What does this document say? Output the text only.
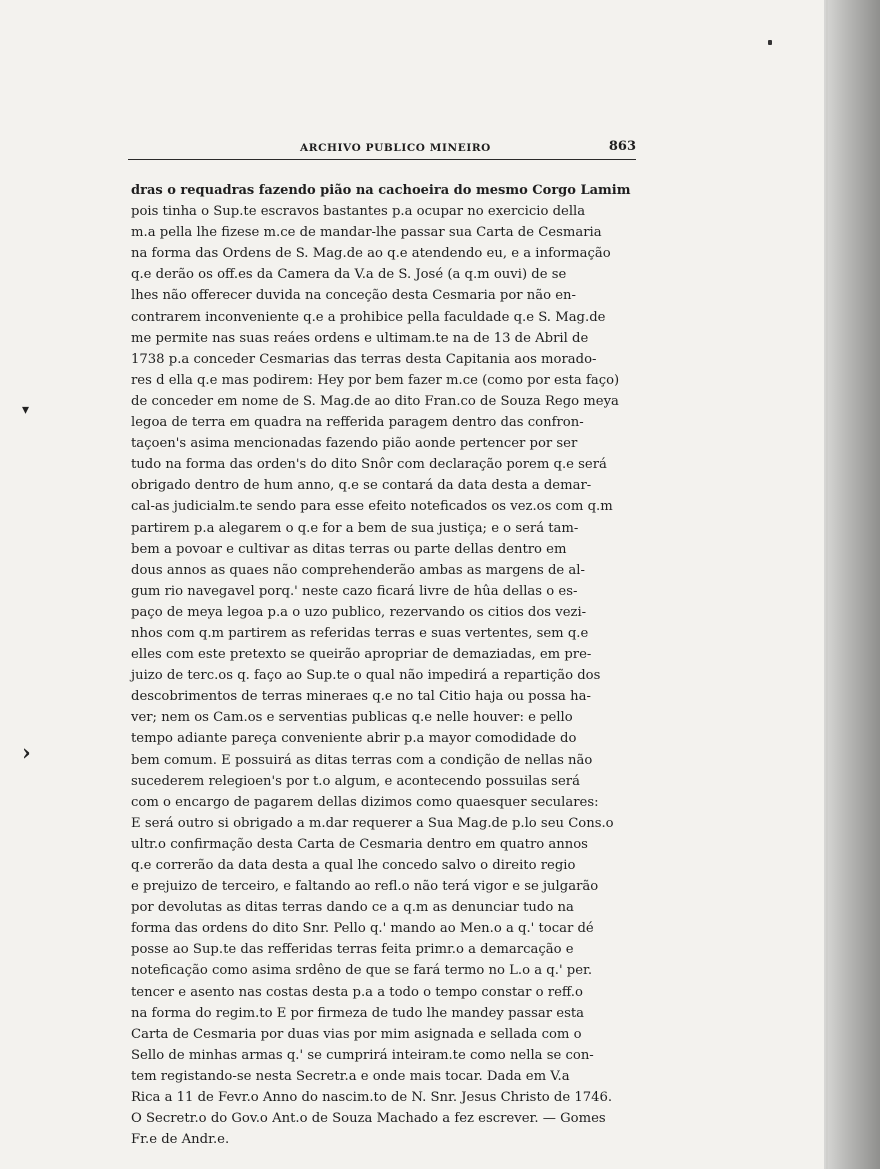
▾
›
ARCHIVO PUBLICO MINEIRO	863
dras o requadras fazendo pião na cachoeira do mesmo Corgo Lamim
pois tinha o Sup.te escravos bastantes p.a ocupar no exercicio della
m.a pella lhe fizese m.ce de mandar-lhe passar sua Carta de Cesmaria
na forma das Ordens de S. Mag.de ao q.e atendendo eu, e a informação
q.e derão os off.es da Camera da V.a de S. José (a q.m ouvi) de se
lhes não offerecer duvida na conceção desta Cesmaria por não en-
contrarem inconveniente q.e a prohibice pella faculdade q.e S. Mag.de
me permite nas suas reáes ordens e ultimam.te na de 13 de Abril de
1738 p.a conceder Cesmarias das terras desta Capitania aos morado-
res d ella q.e mas podirem: Hey por bem fazer m.ce (como por esta faço)
de conceder em nome de S. Mag.de ao dito Fran.co de Souza Rego meya
legoa de terra em quadra na refferida paragem dentro das confron-
taçoen's asima mencionadas fazendo pião aonde pertencer por ser
tudo na forma das orden's do dito Snôr com declaração porem q.e será
obrigado dentro de hum anno, q.e se contará da data desta a demar-
cal-as judicialm.te sendo para esse efeito noteficados os vez.os com q.m
partirem p.a alegarem o q.e for a bem de sua justiça; e o será tam-
bem a povoar e cultivar as ditas terras ou parte dellas dentro em
dous annos as quaes não comprehenderão ambas as margens de al-
gum rio navegavel porq.' neste cazo ficará livre de hûa dellas o es-
paço de meya legoa p.a o uzo publico, rezervando os citios dos vezi-
nhos com q.m partirem as referidas terras e suas vertentes, sem q.e
elles com este pretexto se queirão apropriar de demaziadas, em pre-
juizo de terc.os q. faço ao Sup.te o qual não impedirá a repartição dos
descobrimentos de terras mineraes q.e no tal Citio haja ou possa ha-
ver; nem os Cam.os e serventias publicas q.e nelle houver: e pello
tempo adiante pareça conveniente abrir p.a mayor comodidade do
bem comum. E possuirá as ditas terras com a condição de nellas não
sucederem relegioen's por t.o algum, e acontecendo possuilas será
com o encargo de pagarem dellas dizimos como quaesquer seculares:
E será outro si obrigado a m.dar requerer a Sua Mag.de p.lo seu Cons.o
ultr.o confirmação desta Carta de Cesmaria dentro em quatro annos
q.e correrão da data desta a qual lhe concedo salvo o direito regio
e prejuizo de terceiro, e faltando ao refl.o não terá vigor e se julgarão
por devolutas as ditas terras dando ce a q.m as denunciar tudo na
forma das ordens do dito Snr. Pello q.' mando ao Men.o a q.' tocar dé
posse ao Sup.te das refferidas terras feita primr.o a demarcação e
noteficação como asima srdêno de que se fará termo no L.o a q.' per.
tencer e asento nas costas desta p.a a todo o tempo constar o reff.o
na forma do regim.to E por firmeza de tudo lhe mandey passar esta
Carta de Cesmaria por duas vias por mim asignada e sellada com o
Sello de minhas armas q.' se cumprirá inteiram.te como nella se con-
tem registando-se nesta Secretr.a e onde mais tocar. Dada em V.a
Rica a 11 de Fevr.o Anno do nascim.to de N. Snr. Jesus Christo de 1746.
O Secretr.o do Gov.o Ant.o de Souza Machado a fez escrever. — Gomes
Fr.e de Andr.e.
